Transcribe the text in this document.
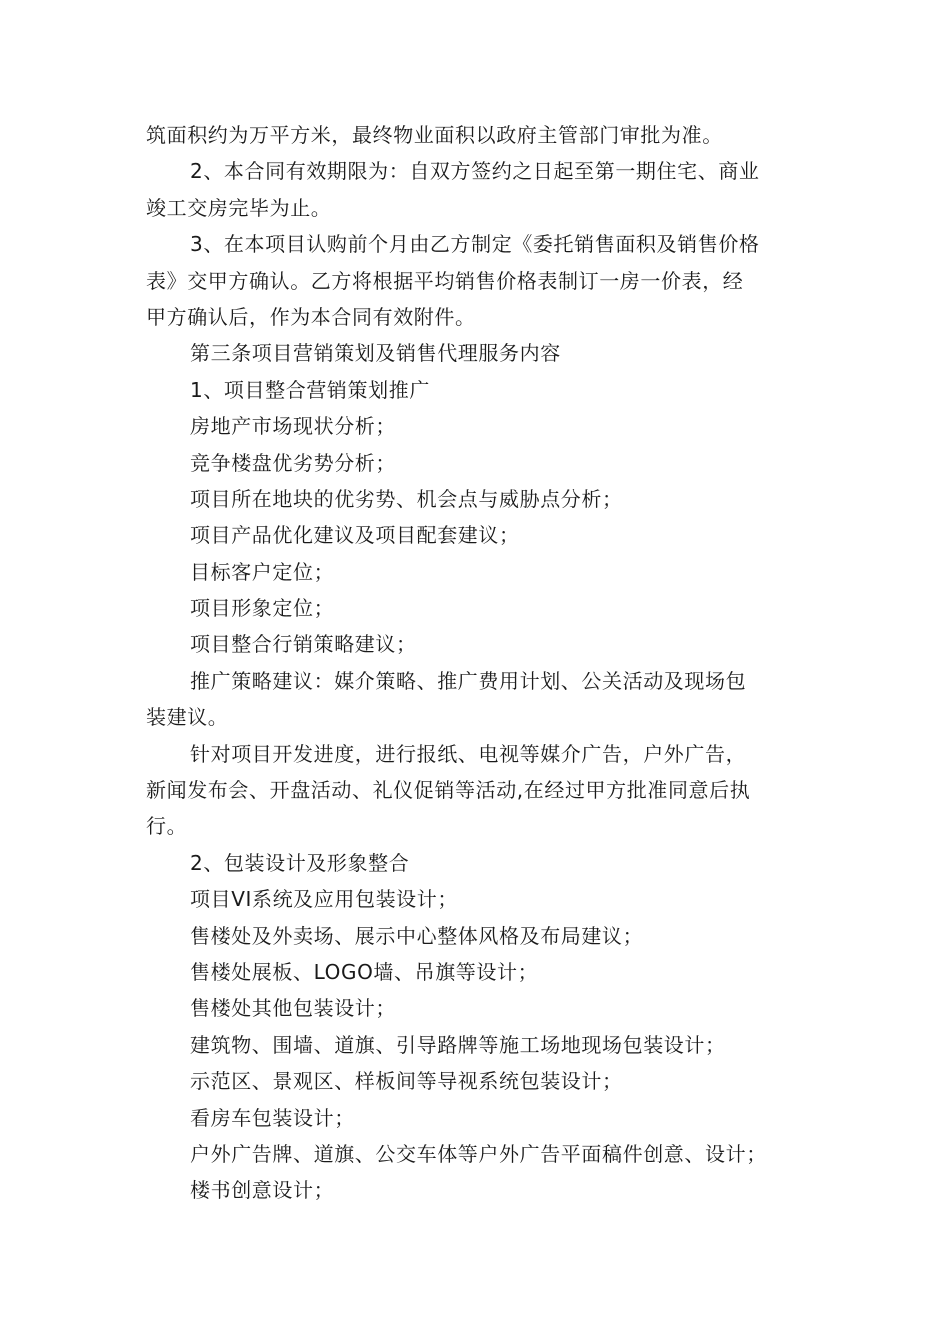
筑面积约为万平方米，最终物业面积以政府主管部门审批为准。
2、本合同有效期限为：自双方签约之日起至第一期住宅、商业
竣工交房完毕为止。
3、在本项目认购前个月由乙方制定《委托销售面积及销售价格
表》交甲方确认。乙方将根据平均销售价格表制订一房一价表，经
甲方确认后，作为本合同有效附件。
第三条项目营销策划及销售代理服务内容
1、项目整合营销策划推广
房地产市场现状分析；
竞争楼盘优劣势分析；
项目所在地块的优劣势、机会点与威胁点分析；
项目产品优化建议及项目配套建议；
目标客户定位；
项目形象定位；
项目整合行销策略建议；
推广策略建议：媒介策略、推广费用计划、公关活动及现场包
装建议。
针对项目开发进度，进行报纸、电视等媒介广告，户外广告，
新闻发布会、开盘活动、礼仪促销等活动,在经过甲方批准同意后执
行。
2、包装设计及形象整合
项目VI系统及应用包装设计；
售楼处及外卖场、展示中心整体风格及布局建议；
售楼处展板、LOGO墙、吊旗等设计；
售楼处其他包装设计；
建筑物、围墙、道旗、引导路牌等施工场地现场包装设计；
示范区、景观区、样板间等导视系统包装设计；
看房车包装设计；
户外广告牌、道旗、公交车体等户外广告平面稿件创意、设计；
楼书创意设计；
